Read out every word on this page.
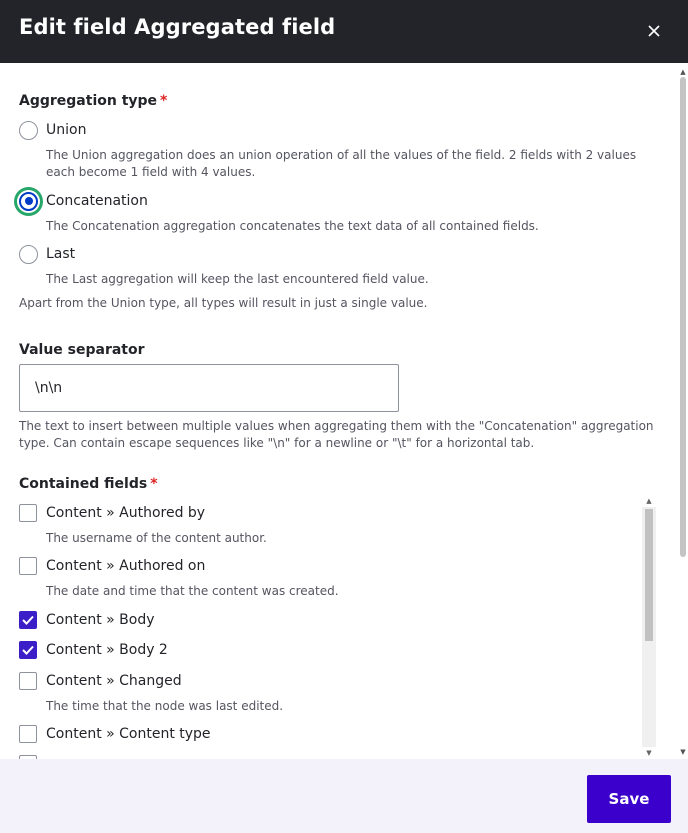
Edit field Aggregated field
Aggregation type *
Union
The Union aggregation does an union operation of all the values of the field. 2 fields with 2 values each become 1 field with 4 values.
Concatenation
The Concatenation aggregation concatenates the text data of all contained fields.
Last
The Last aggregation will keep the last encountered field value.
Apart from the Union type, all types will result in just a single value.
Value separator
\n\n
The text to insert between multiple values when aggregating them with the "Concatenation" aggregation type. Can contain escape sequences like "\n" for a newline or "\t" for a horizontal tab.
Contained fields *
Content » Authored by
The username of the content author.
Content » Authored on
The date and time that the content was created.
Content » Body
Content » Body 2
Content » Changed
The time that the node was last edited.
Content » Content type
▲
▼
▲
▼
Save
